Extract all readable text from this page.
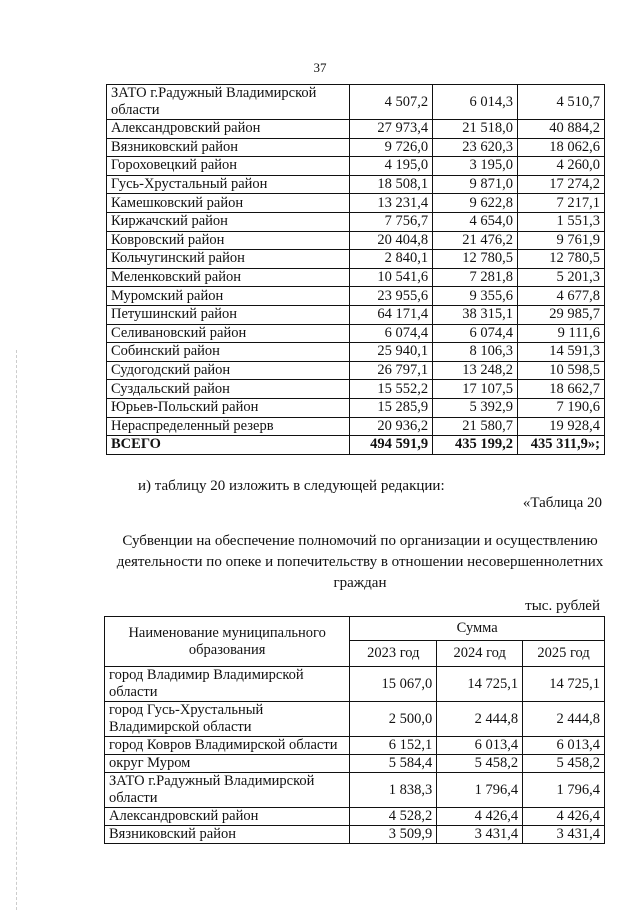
37
ЗАТО г.Радужный Владимирской области	4 507,2	6 014,3	4 510,7
Александровский район	27 973,4	21 518,0	40 884,2
Вязниковский район	9 726,0	23 620,3	18 062,6
Гороховецкий район	4 195,0	3 195,0	4 260,0
Гусь-Хрустальный район	18 508,1	9 871,0	17 274,2
Камешковский район	13 231,4	9 622,8	7 217,1
Киржачский район	7 756,7	4 654,0	1 551,3
Ковровский район	20 404,8	21 476,2	9 761,9
Кольчугинский район	2 840,1	12 780,5	12 780,5
Меленковский район	10 541,6	7 281,8	5 201,3
Муромский район	23 955,6	9 355,6	4 677,8
Петушинский район	64 171,4	38 315,1	29 985,7
Селивановский район	6 074,4	6 074,4	9 111,6
Собинский район	25 940,1	8 106,3	14 591,3
Судогодский район	26 797,1	13 248,2	10 598,5
Суздальский район	15 552,2	17 107,5	18 662,7
Юрьев-Польский район	15 285,9	5 392,9	7 190,6
Нераспределенный резерв	20 936,2	21 580,7	19 928,4
ВСЕГО	494 591,9	435 199,2	435 311,9»;
и) таблицу 20 изложить в следующей редакции:
«Таблица 20
Субвенции на обеспечение полномочий по организации и осуществлению деятельности по опеке и попечительству в отношении несовершеннолетних граждан
тыс. рублей
Наименование муниципального образования	Сумма		
	2023 год	2024 год	2025 год
город Владимир Владимирской области	15 067,0	14 725,1	14 725,1
город Гусь-Хрустальный Владимирской области	2 500,0	2 444,8	2 444,8
город Ковров Владимирской области	6 152,1	6 013,4	6 013,4
округ Муром	5 584,4	5 458,2	5 458,2
ЗАТО г.Радужный Владимирской области	1 838,3	1 796,4	1 796,4
Александровский район	4 528,2	4 426,4	4 426,4
Вязниковский район	3 509,9	3 431,4	3 431,4
